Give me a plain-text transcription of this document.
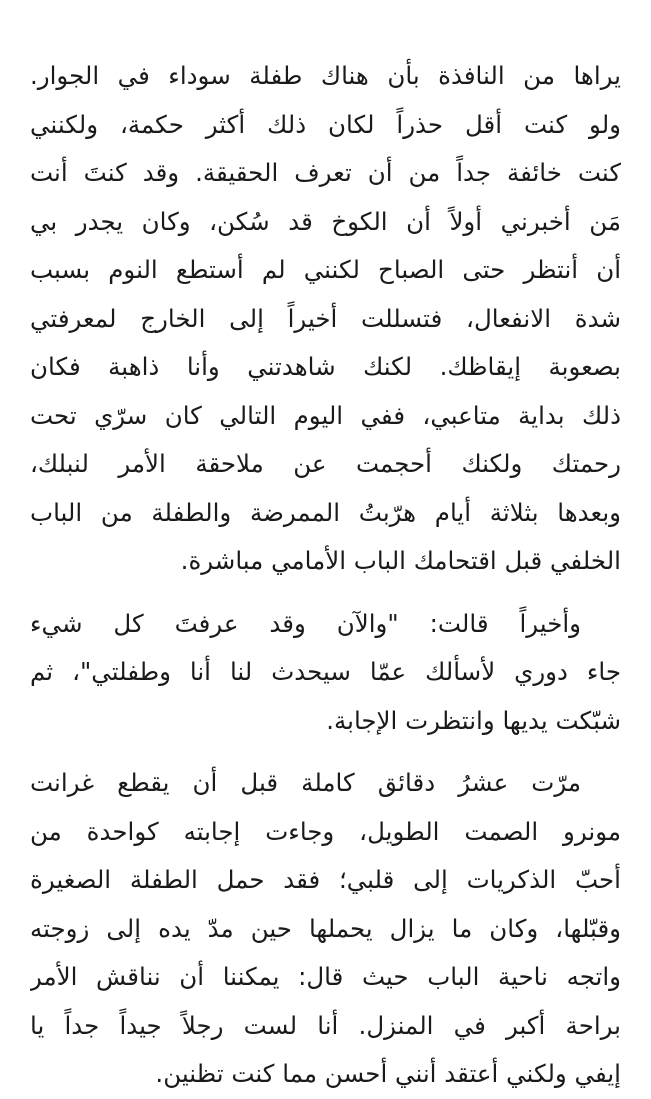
يراها من النافذة بأن هناك طفلة سوداء في الجوار.
ولو كنت أقل حذراً لكان ذلك أكثر حكمة، ولكنني
كنت خائفة جداً من أن تعرف الحقيقة. وقد كنتَ أنت
مَن أخبرني أولاً أن الكوخ قد سُكن، وكان يجدر بي
أن أنتظر حتى الصباح لكنني لم أستطع النوم بسبب
شدة الانفعال، فتسللت أخيراً إلى الخارج لمعرفتي
بصعوبة إيقاظك. لكنك شاهدتني وأنا ذاهبة فكان
ذلك بداية متاعبي، ففي اليوم التالي كان سرّي تحت
رحمتك ولكنك أحجمت عن ملاحقة الأمر لنبلك،
وبعدها بثلاثة أيام هرّبتُ الممرضة والطفلة من الباب
الخلفي قبل اقتحامك الباب الأمامي مباشرة.
وأخيراً قالت: "والآن وقد عرفتَ كل شيء
جاء دوري لأسألك عمّا سيحدث لنا أنا وطفلتي"، ثم
شبّكت يديها وانتظرت الإجابة.
مرّت عشرُ دقائق كاملة قبل أن يقطع غرانت
مونرو الصمت الطويل، وجاءت إجابته كواحدة من
أحبّ الذكريات إلى قلبي؛ فقد حمل الطفلة الصغيرة
وقبّلها، وكان ما يزال يحملها حين مدّ يده إلى زوجته
واتجه ناحية الباب حيث قال: يمكننا أن نناقش الأمر
براحة أكبر في المنزل. أنا لست رجلاً جيداً جداً يا
إيفي ولكني أعتقد أنني أحسن مما كنت تظنين.
